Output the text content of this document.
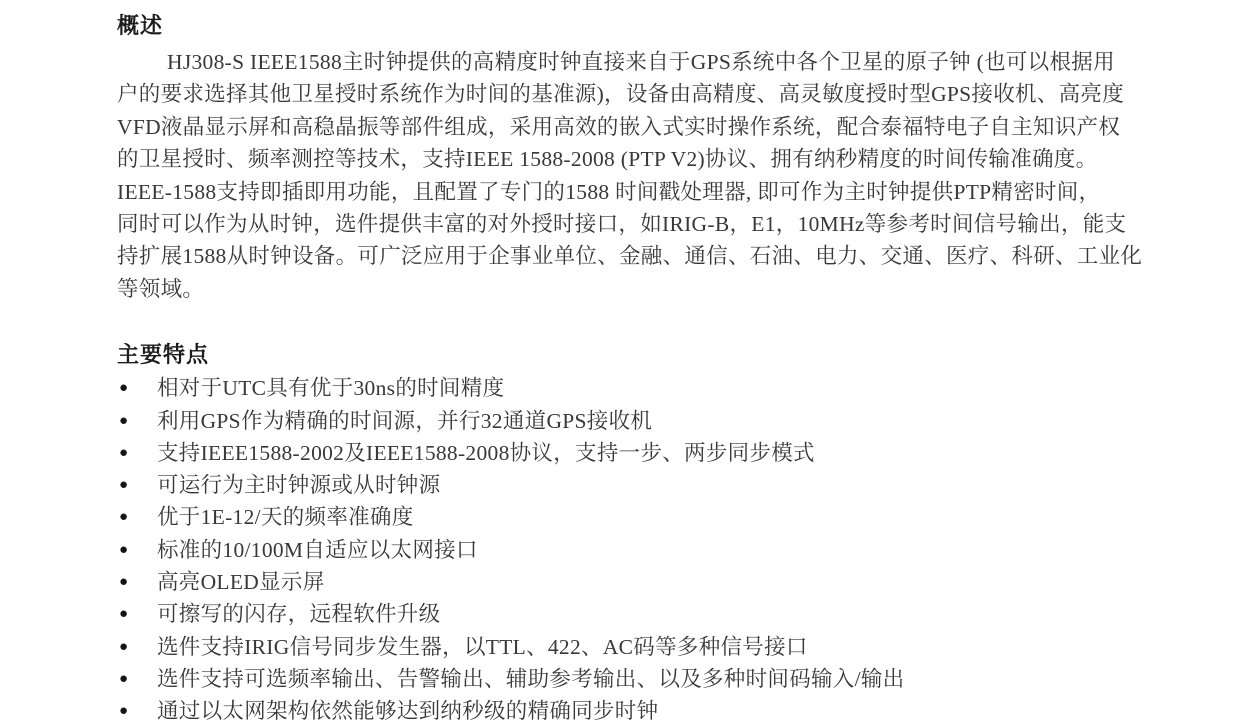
概述
HJ308-S IEEE1588主时钟提供的高精度时钟直接来自于GPS系统中各个卫星的原子钟 (也可以根据用
户的要求选择其他卫星授时系统作为时间的基准源)，设备由高精度、高灵敏度授时型GPS接收机、高亮度
VFD液晶显示屏和高稳晶振等部件组成，采用高效的嵌入式实时操作系统，配合泰福特电子自主知识产权
的卫星授时、频率测控等技术，支持IEEE 1588-2008 (PTP V2)协议、拥有纳秒精度的时间传输准确度。
IEEE-1588支持即插即用功能，且配置了专门的1588 时间戳处理器, 即可作为主时钟提供PTP精密时间，
同时可以作为从时钟，选件提供丰富的对外授时接口，如IRIG-B，E1，10MHz等参考时间信号输出，能支
持扩展1588从时钟设备。可广泛应用于企事业单位、金融、通信、石油、电力、交通、医疗、科研、工业化
等领域。
主要特点
●	相对于UTC具有优于30ns的时间精度
●	利用GPS作为精确的时间源，并行32通道GPS接收机
●	支持IEEE1588-2002及IEEE1588-2008协议，支持一步、两步同步模式
●	可运行为主时钟源或从时钟源
●	优于1E-12/天的频率准确度
●	标准的10/100M自适应以太网接口
●	高亮OLED显示屏
●	可擦写的闪存，远程软件升级
●	选件支持IRIG信号同步发生器，以TTL、422、AC码等多种信号接口
●	选件支持可选频率输出、告警输出、辅助参考输出、以及多种时间码输入/输出
●	通过以太网架构依然能够达到纳秒级的精确同步时钟
